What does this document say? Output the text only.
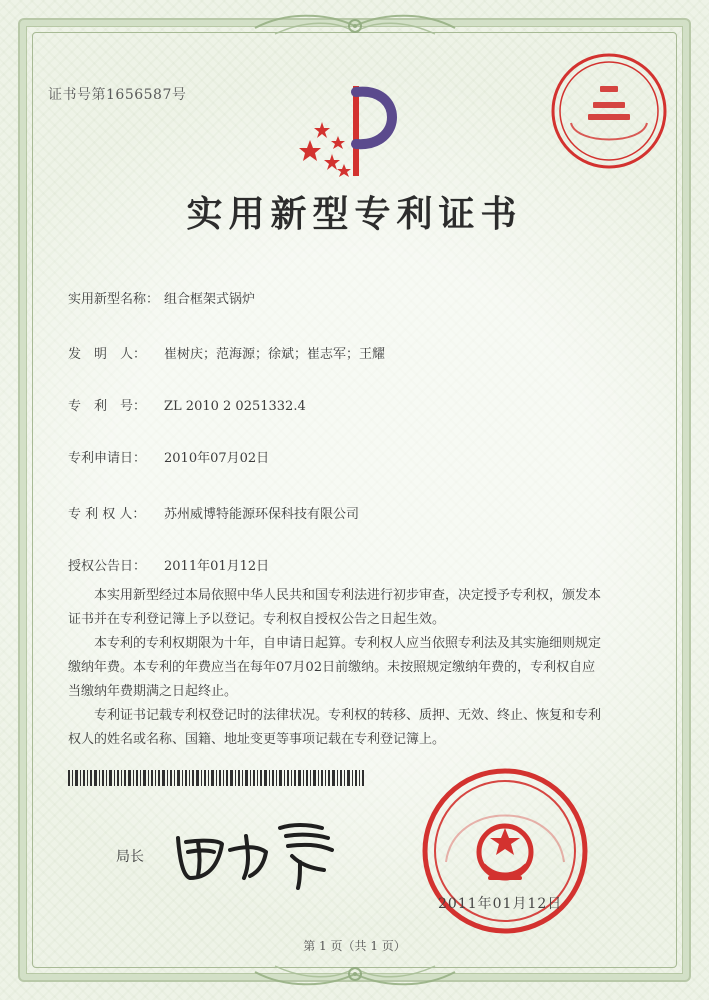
证书号第1656587号
实用新型专利证书
实用新型名称： 组合框架式锅炉
发　明　人：	崔树庆；范海源；徐斌；崔志军；王耀
专　利　号：	ZL 2010 2 0251332.4
专利申请日：	2010年07月02日
专 利 权 人：	苏州威博特能源环保科技有限公司
授权公告日：	2011年01月12日

本实用新型经过本局依照中华人民共和国专利法进行初步审查，决定授予专利权，颁发本证书并在专利登记簿上予以登记。专利权自授权公告之日起生效。

本专利的专利权期限为十年，自申请日起算。专利权人应当依照专利法及其实施细则规定缴纳年费。本专利的年费应当在每年07月02日前缴纳。未按照规定缴纳年费的，专利权自应当缴纳年费期满之日起终止。

专利证书记载专利权登记时的法律状况。专利权的转移、质押、无效、终止、恢复和专利权人的姓名或名称、国籍、地址变更等事项记载在专利登记簿上。

局长
2011年01月12日
第 1 页（共 1 页）
